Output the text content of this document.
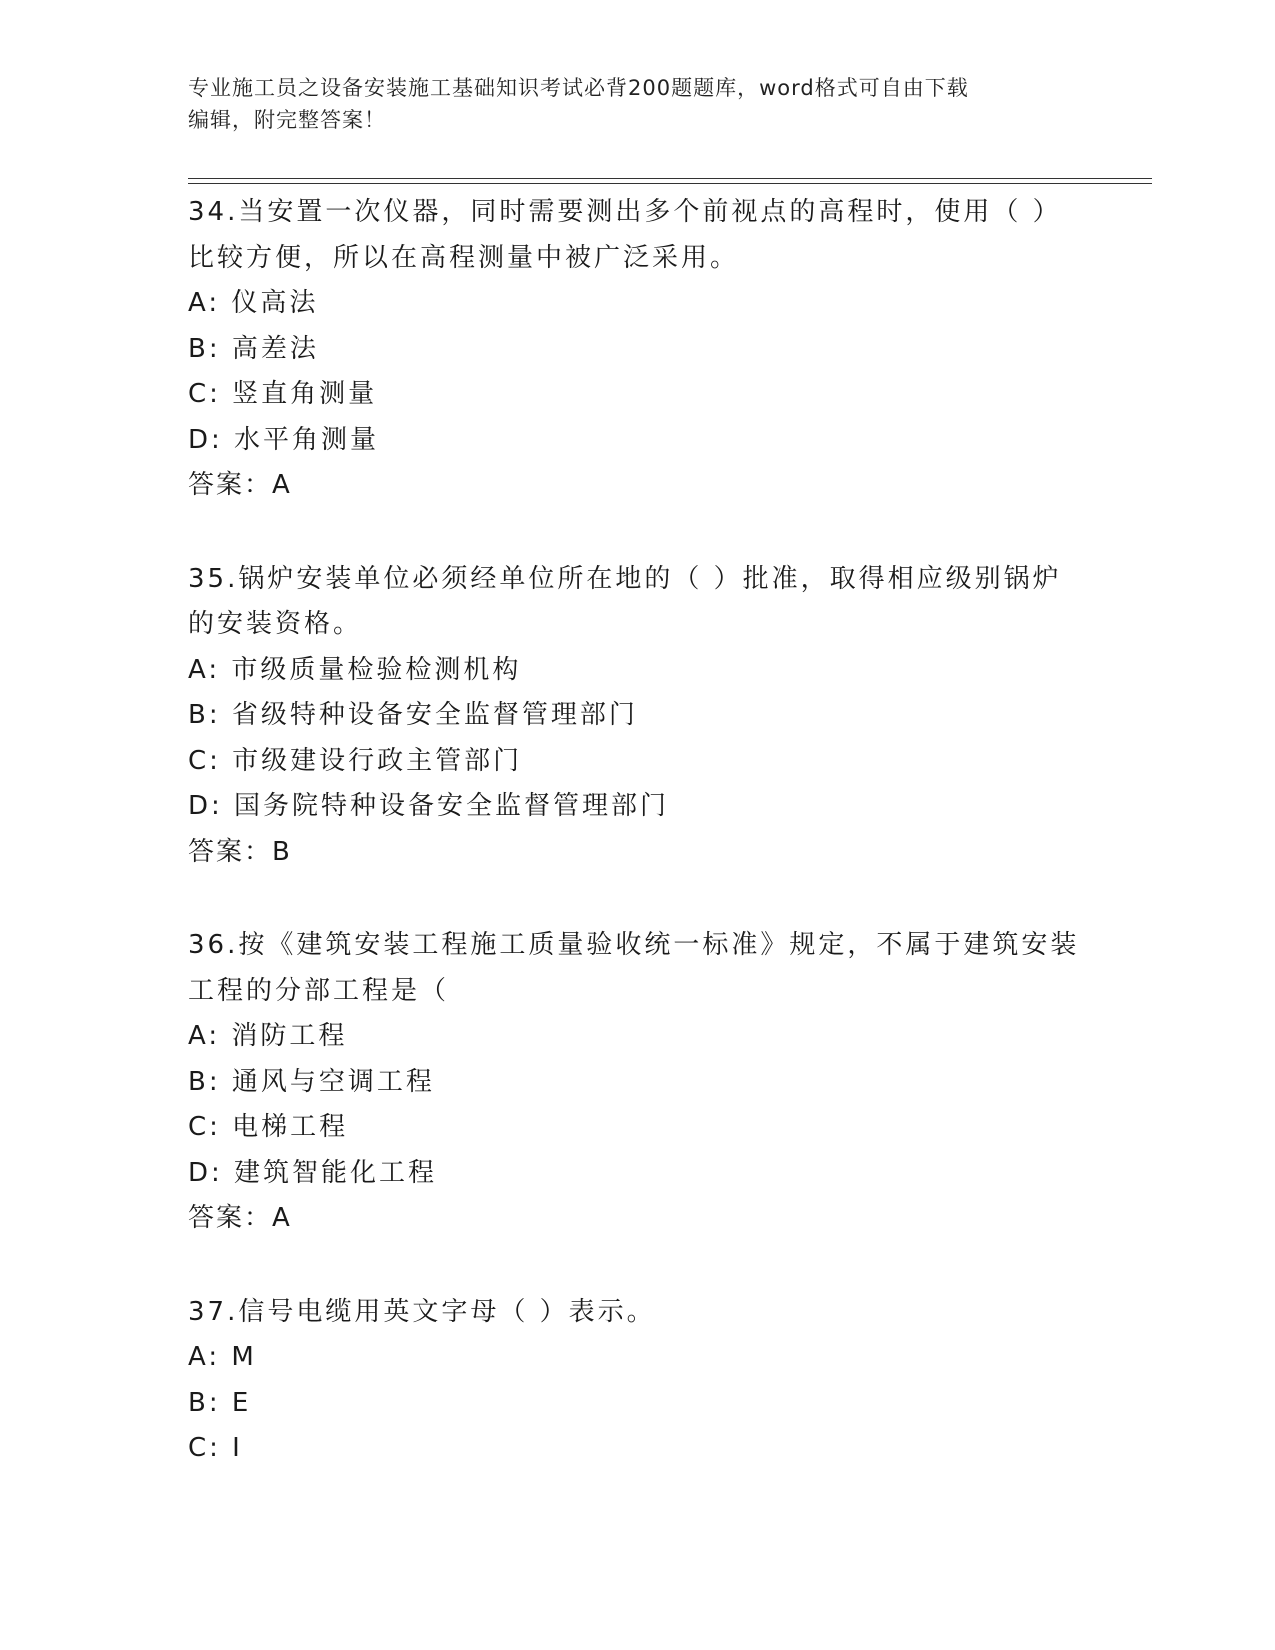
专业施工员之设备安装施工基础知识考试必背200题题库，word格式可自由下载
编辑，附完整答案！
34.当安置一次仪器，同时需要测出多个前视点的高程时，使用（ ）
比较方便，所以在高程测量中被广泛采用。
A: 仪高法
B: 高差法
C: 竖直角测量
D: 水平角测量
答案：A
35.锅炉安装单位必须经单位所在地的（ ）批准，取得相应级别锅炉
的安装资格。
A: 市级质量检验检测机构
B: 省级特种设备安全监督管理部门
C: 市级建设行政主管部门
D: 国务院特种设备安全监督管理部门
答案：B
36.按《建筑安装工程施工质量验收统一标准》规定，不属于建筑安装
工程的分部工程是（
A: 消防工程
B: 通风与空调工程
C: 电梯工程
D: 建筑智能化工程
答案：A
37.信号电缆用英文字母（ ）表示。
A: M
B: E
C: I
